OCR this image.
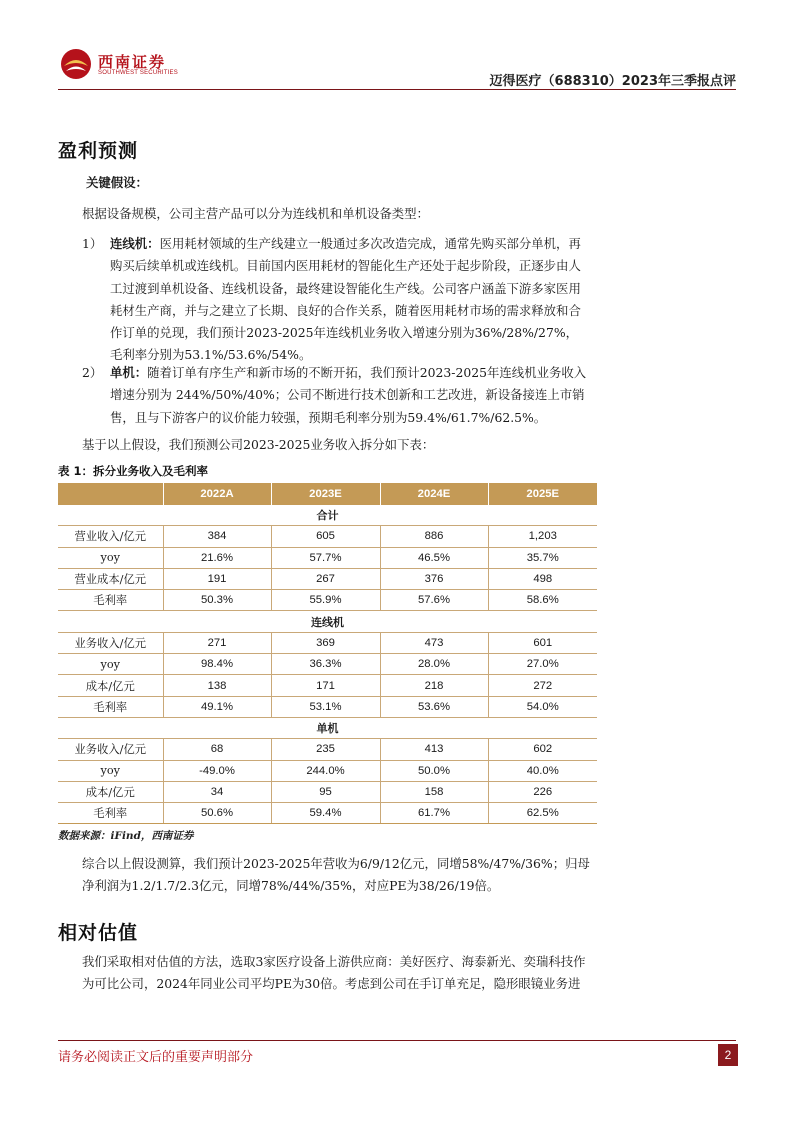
西南证券
SOUTHWEST SECURITIES
迈得医疗（688310）2023年三季报点评
盈利预测
关键假设：
根据设备规模，公司主营产品可以分为连线机和单机设备类型：
1） 连线机：医用耗材领域的生产线建立一般通过多次改造完成，通常先购买部分单机，再购买后续单机或连线机。目前国内医用耗材的智能化生产还处于起步阶段，正逐步由人工过渡到单机设备、连线机设备，最终建设智能化生产线。公司客户涵盖下游多家医用耗材生产商，并与之建立了长期、良好的合作关系，随着医用耗材市场的需求释放和合作订单的兑现，我们预计2023-2025年连线机业务收入增速分别为36%/28%/27%，毛利率分别为53.1%/53.6%/54%。
2） 单机：随着订单有序生产和新市场的不断开拓，我们预计2023-2025年连线机业务收入增速分别为 244%/50%/40%；公司不断进行技术创新和工艺改进，新设备接连上市销售，且与下游客户的议价能力较强，预期毛利率分别为59.4%/61.7%/62.5%。
基于以上假设，我们预测公司2023-2025业务收入拆分如下表：
表 1：拆分业务收入及毛利率
	2022A	2023E	2024E	2025E
合计				
营业收入/亿元	384	605	886	1,203
yoy	21.6%	57.7%	46.5%	35.7%
营业成本/亿元	191	267	376	498
毛利率	50.3%	55.9%	57.6%	58.6%
连线机				
业务收入/亿元	271	369	473	601
yoy	98.4%	36.3%	28.0%	27.0%
成本/亿元	138	171	218	272
毛利率	49.1%	53.1%	53.6%	54.0%
单机				
业务收入/亿元	68	235	413	602
yoy	-49.0%	244.0%	50.0%	40.0%
成本/亿元	34	95	158	226
毛利率	50.6%	59.4%	61.7%	62.5%
数据来源：iFind，西南证券
综合以上假设测算，我们预计2023-2025年营收为6/9/12亿元，同增58%/47%/36%；归母净利润为1.2/1.7/2.3亿元，同增78%/44%/35%，对应PE为38/26/19倍。
相对估值
我们采取相对估值的方法，选取3家医疗设备上游供应商：美好医疗、海泰新光、奕瑞科技作为可比公司，2024年同业公司平均PE为30倍。考虑到公司在手订单充足，隐形眼镜业务进
请务必阅读正文后的重要声明部分	2
